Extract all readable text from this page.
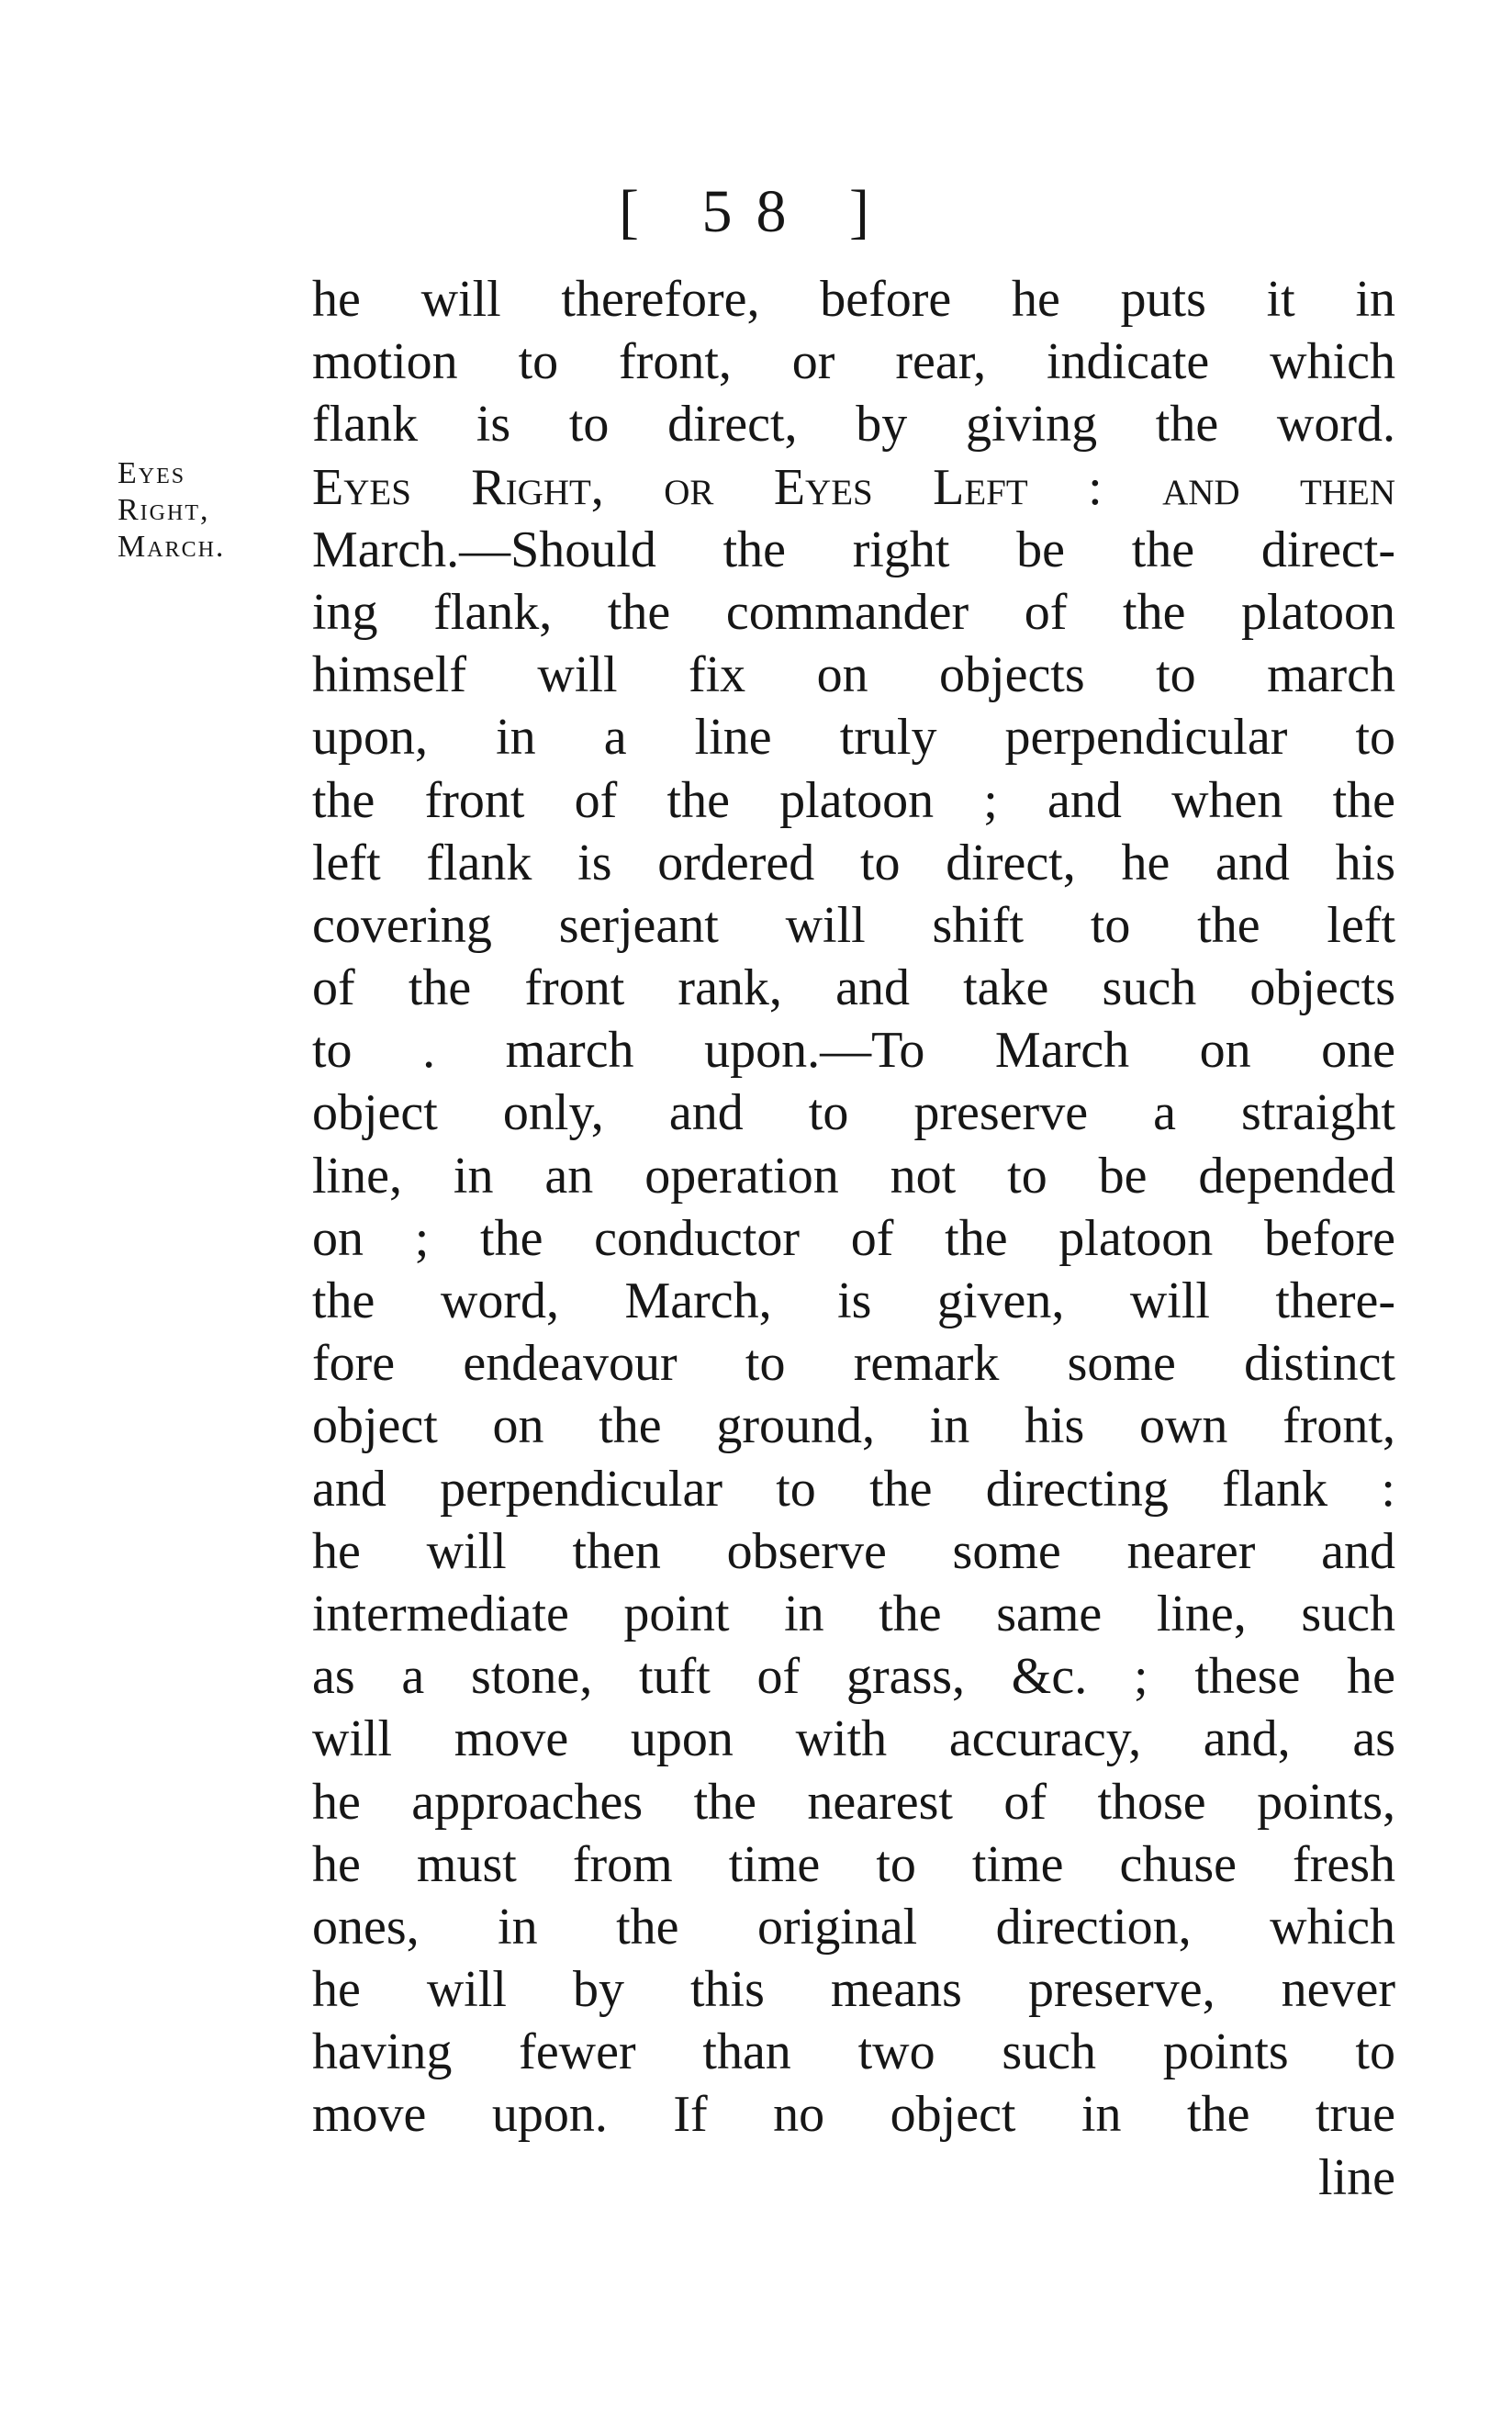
[ 58 ]
Eyes
Right,
March.
he will therefore, before he puts it in
motion to front, or rear, indicate which
flank is to direct, by giving the word.
Eyes Right, or Eyes Left : and then
March.—Should the right be the direct-
ing flank, the commander of the platoon
himself will fix on objects to march
upon, in a line truly perpendicular to
the front of the platoon ; and when the
left flank is ordered to direct, he and his
covering serjeant will shift to the left
of the front rank, and take such objects
to . march upon.—To March on one
object only, and to preserve a straight
line, in an operation not to be depended
on ; the conductor of the platoon before
the word, March, is given, will there-
fore endeavour to remark some distinct
object on the ground, in his own front,
and perpendicular to the directing flank :
he will then observe some nearer and
intermediate point in the same line, such
as a stone, tuft of grass, &c. ; these he
will move upon with accuracy, and, as
he approaches the nearest of those points,
he must from time to time chuse fresh
ones, in the original direction, which
he will by this means preserve, never
having fewer than two such points to
move upon. If no object in the true
line
